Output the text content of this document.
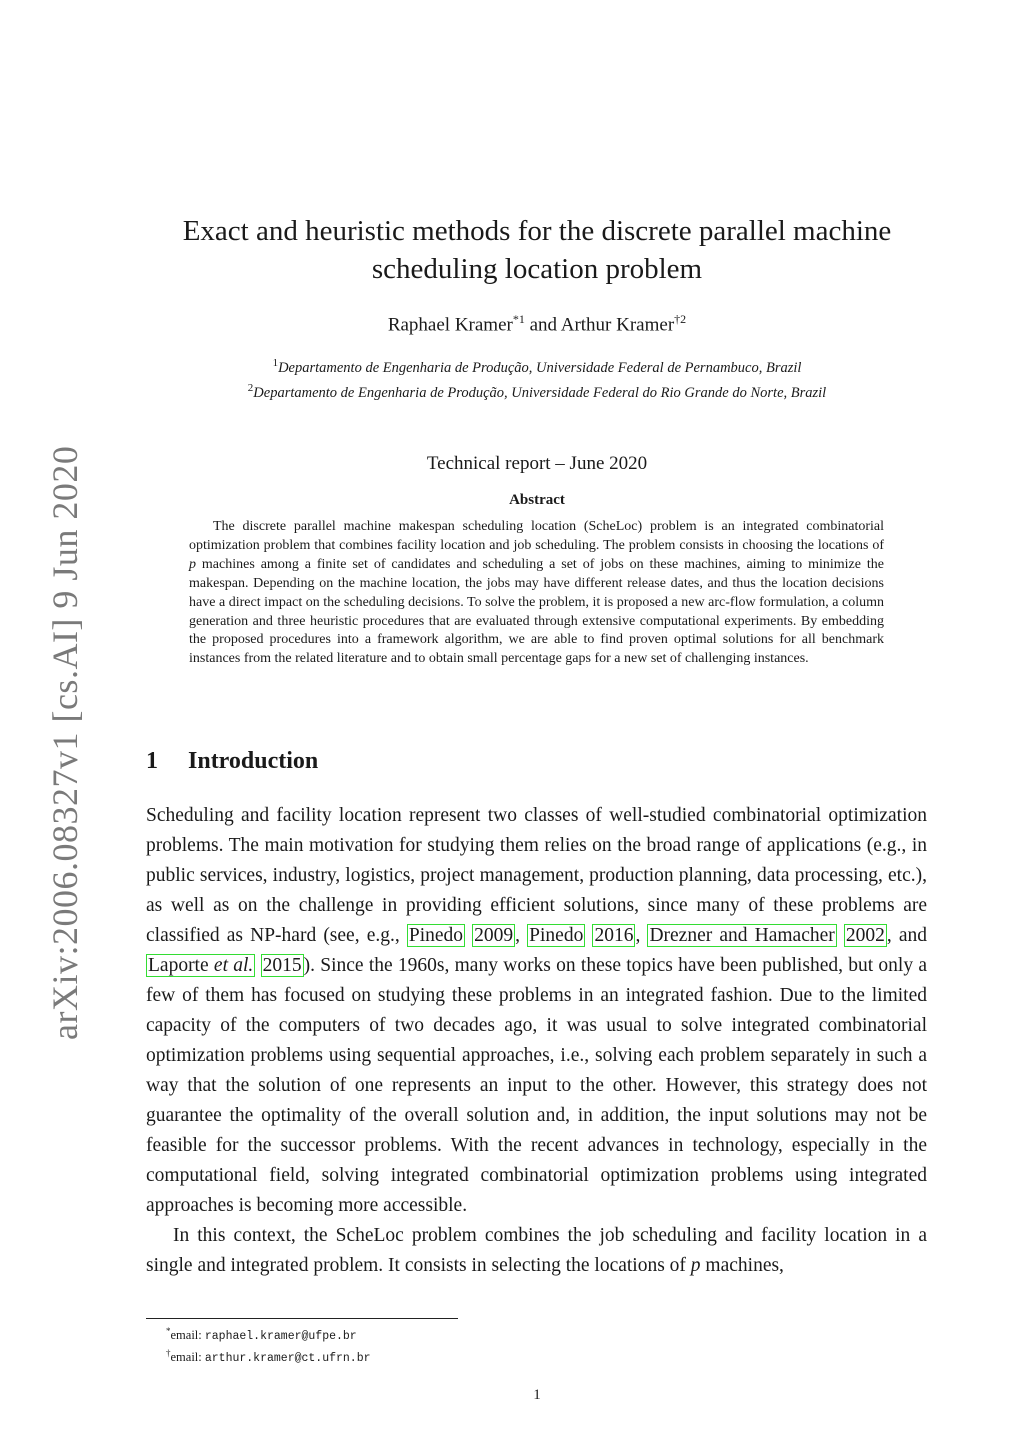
arXiv:2006.08327v1 [cs.AI] 9 Jun 2020
Exact and heuristic methods for the discrete parallel machine
scheduling location problem
Raphael Kramer$^{*1}$ and Arthur Kramer$^{\dagger 2}$
$^1$Departamento de Engenharia de Produção, Universidade Federal de Pernambuco, Brazil
$^2$Departamento de Engenharia de Produção, Universidade Federal do Rio Grande do Norte, Brazil
Technical report – June 2020
Abstract
The discrete parallel machine makespan scheduling location (ScheLoc) problem is an integrated combinatorial optimization problem that combines facility location and job scheduling. The problem consists in choosing the locations of p machines among a finite set of candidates and scheduling a set of jobs on these machines, aiming to minimize the makespan. Depending on the machine location, the jobs may have different release dates, and thus the location decisions have a direct impact on the scheduling decisions. To solve the problem, it is proposed a new arc-flow formulation, a column generation and three heuristic procedures that are evaluated through extensive computational experiments. By embedding the proposed procedures into a framework algorithm, we are able to find proven optimal solutions for all benchmark instances from the related literature and to obtain small percentage gaps for a new set of challenging instances.
1 Introduction

Scheduling and facility location represent two classes of well-studied combinatorial optimization problems. The main motivation for studying them relies on the broad range of applications (e.g., in public services, industry, logistics, project management, production planning, data processing, etc.), as well as on the challenge in providing efficient solutions, since many of these problems are classified as NP-hard (see, e.g., Pinedo 2009 , Pinedo 2016 , Drezner and Hamacher 2002 , and Laporte et al. 2015 ). Since the 1960s, many works on these topics have been published, but only a few of them has focused on studying these problems in an integrated fashion. Due to the limited capacity of the computers of two decades ago, it was usual to solve integrated combinatorial optimization problems using sequential approaches, i.e., solving each problem separately in such a way that the solution of one represents an input to the other. However, this strategy does not guarantee the optimality of the overall solution and, in addition, the input solutions may not be feasible for the successor problems. With the recent advances in technology, especially in the computational field, solving integrated combinatorial optimization problems using integrated approaches is becoming more accessible.

In this context, the ScheLoc problem combines the job scheduling and facility location in a single and integrated problem. It consists in selecting the locations of p machines,

*email: raphael.kramer@ufpe.br
†email: arthur.kramer@ct.ufrn.br
1
